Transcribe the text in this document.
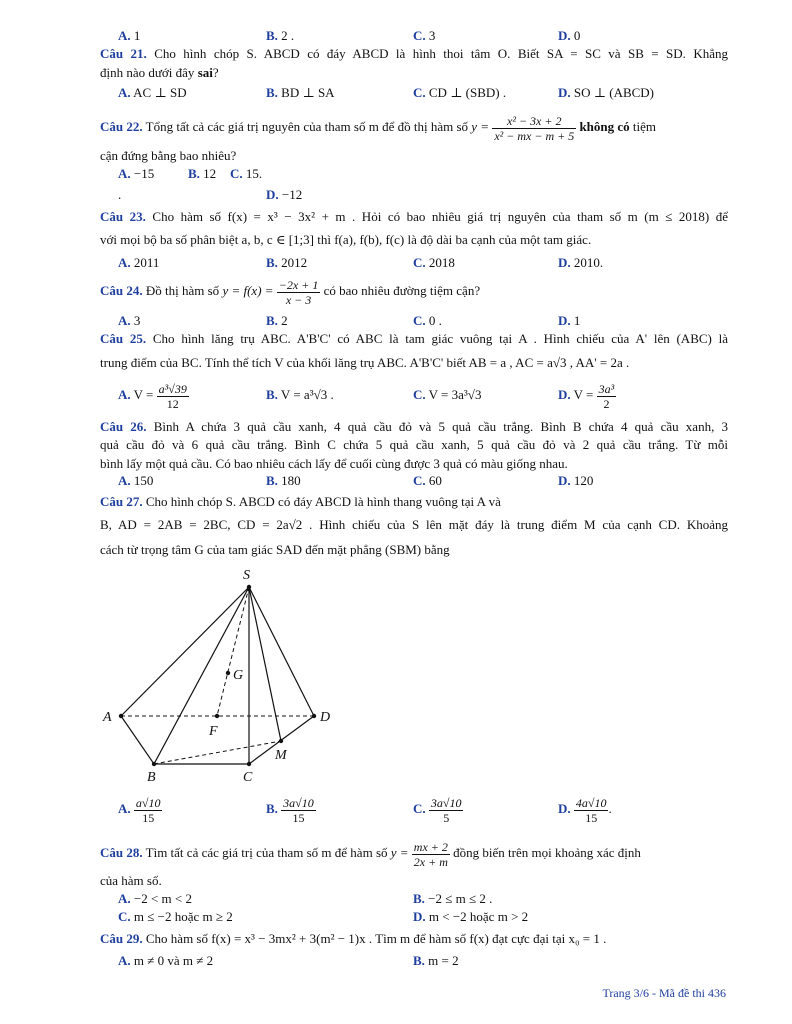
A. 1	B. 2 .	C. 3	D. 0
Câu 21. Cho hình chóp S. ABCD có đáy ABCD là hình thoi tâm O. Biết SA = SC và SB = SD. Khẳng
định nào dưới đây sai?
A. AC ⊥ SD	B. BD ⊥ SA	C. CD ⊥ (SBD) .	D. SO ⊥ (ABCD)
Câu 22. Tổng tất cả các giá trị nguyên của tham số m để đồ thị hàm số $y = \frac{\text{x² − 3x + 2}}{\text{x² − mx − m + 5}}$ không có tiệm
cận đứng bằng bao nhiêu?
A. −15	B. 12 C. 15.
.	D. −12
Câu 23. Cho hàm số f(x) = x³ − 3x² + m . Hỏi có bao nhiêu giá trị nguyên của tham số m (m ≤ 2018) để
với mọi bộ ba số phân biệt a, b, c ∈ [1;3] thì f(a), f(b), f(c) là độ dài ba cạnh của một tam giác.
A. 2011	B. 2012	C. 2018	D. 2010.
Câu 24. Đồ thị hàm số $y = f(x) = \frac{-2x + 1}{x - 3}$ có bao nhiêu đường tiệm cận?
A. 3	B. 2	C. 0 .	D. 1
Câu 25. Cho hình lăng trụ ABC. A'B'C' có ABC là tam giác vuông tại A . Hình chiếu của A' lên (ABC) là
trung điểm của BC. Tính thể tích V của khối lăng trụ ABC. A'B'C' biết AB = a , AC = a√3 , AA' = 2a .
A. $V = \frac{\text{a³√39}}{12}$	B. V = a³√3 .	C. V = 3a³√3	D. $V = \frac{\text{3a³}}{2}$
Câu 26. Bình A chứa 3 quả cầu xanh, 4 quả cầu đỏ và 5 quả cầu trắng. Bình B chứa 4 quả cầu xanh, 3
quả cầu đỏ và 6 quả cầu trắng. Bình C chứa 5 quả cầu xanh, 5 quả cầu đỏ và 2 quả cầu trắng. Từ mỗi
bình lấy một quả cầu. Có bao nhiêu cách lấy để cuối cùng được 3 quả có màu giống nhau.
A. 150	B. 180	C. 60	D. 120
Câu 27. Cho hình chóp S. ABCD có đáy ABCD là hình thang vuông tại A và
B, AD = 2AB = 2BC, CD = 2a√2 . Hình chiếu của S lên mặt đáy là trung điểm M của cạnh CD. Khoảng
cách từ trọng tâm G của tam giác SAD đến mặt phẳng (SBM) bằng
S
G
A
F
D
M
B	C
A. $\frac{a√10}{15}$	B. $\frac{3a√10}{15}$	C. $\frac{3a√10}{5}$	D. $\frac{4a√10}{15}$ .
Câu 28. Tìm tất cả các giá trị của tham số m để hàm số $y = \frac{mx + 2}{2x + m}$ đồng biến trên mọi khoảng xác định
của hàm số.
A. −2 < m < 2	B. −2 ≤ m ≤ 2 .
C. m ≤ −2 hoặc m ≥ 2	D. m < −2 hoặc m > 2
Câu 29. Cho hàm số f(x) = x³ − 3mx² + 3(m² − 1)x . Tìm m để hàm số f(x) đạt cực đại tại x₀ = 1 .
A. m ≠ 0 và m ≠ 2	B. m = 2
Trang 3/6 - Mã đề thi 436
